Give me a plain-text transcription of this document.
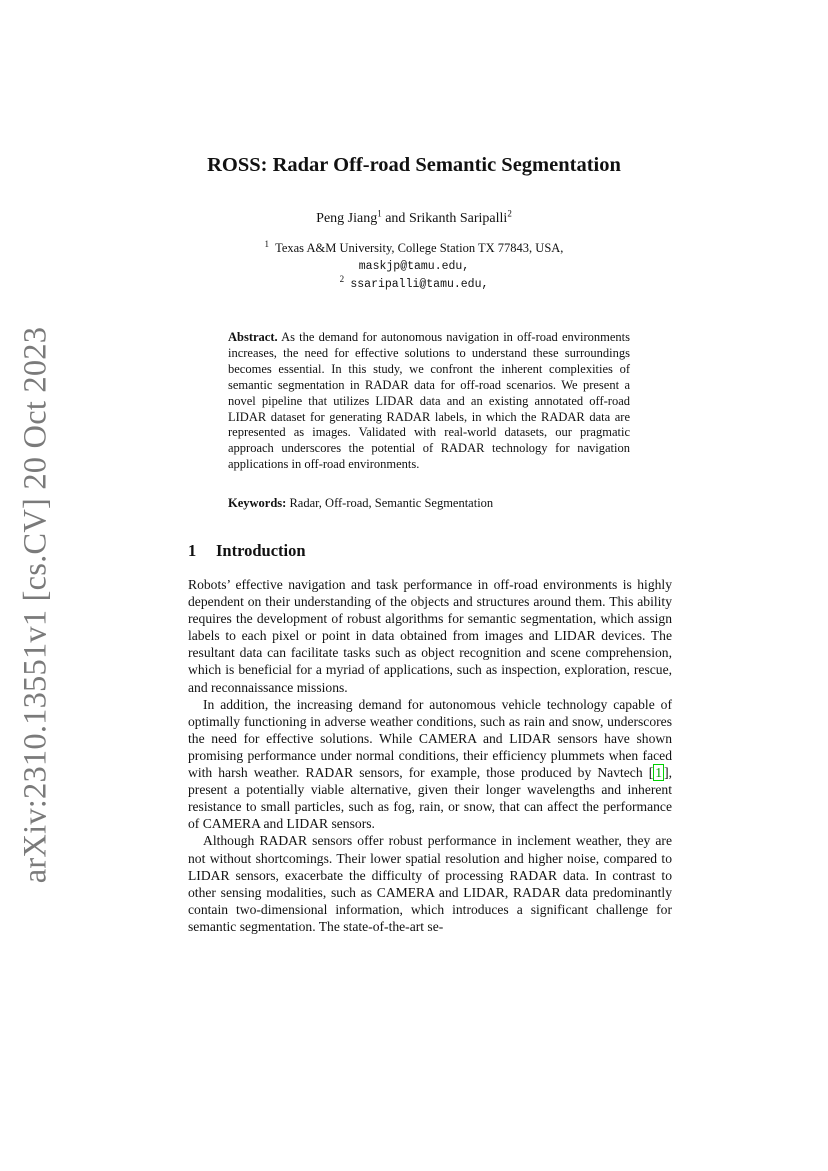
arXiv:2310.13551v1 [cs.CV] 20 Oct 2023
ROSS: Radar Off-road Semantic Segmentation
Peng Jiang$^1$ and Srikanth Saripalli$^2$
$^1$ Texas A&M University, College Station TX 77843, USA,
maskjp@tamu.edu,
$^2$ ssaripalli@tamu.edu,
Abstract. As the demand for autonomous navigation in off-road environments increases, the need for effective solutions to understand these surroundings becomes essential. In this study, we confront the inherent complexities of semantic segmentation in RADAR data for off-road scenarios. We present a novel pipeline that utilizes LIDAR data and an existing annotated off-road LIDAR dataset for generating RADAR labels, in which the RADAR data are represented as images. Validated with real-world datasets, our pragmatic approach underscores the potential of RADAR technology for navigation applications in off-road environments.
Keywords: Radar, Off-road, Semantic Segmentation
1 Introduction

Robots’ effective navigation and task performance in off-road environments is highly dependent on their understanding of the objects and structures around them. This ability requires the development of robust algorithms for semantic segmentation, which assign labels to each pixel or point in data obtained from images and LIDAR devices. The resultant data can facilitate tasks such as object recognition and scene comprehension, which is beneficial for a myriad of applications, such as inspection, exploration, rescue, and reconnaissance missions.

In addition, the increasing demand for autonomous vehicle technology capable of optimally functioning in adverse weather conditions, such as rain and snow, underscores the need for effective solutions. While CAMERA and LIDAR sensors have shown promising performance under normal conditions, their efficiency plummets when faced with harsh weather. RADAR sensors, for example, those produced by Navtech [ 1 ], present a potentially viable alternative, given their longer wavelengths and inherent resistance to small particles, such as fog, rain, or snow, that can affect the performance of CAMERA and LIDAR sensors.

Although RADAR sensors offer robust performance in inclement weather, they are not without shortcomings. Their lower spatial resolution and higher noise, compared to LIDAR sensors, exacerbate the difficulty of processing RADAR data. In contrast to other sensing modalities, such as CAMERA and LIDAR, RADAR data predominantly contain two-dimensional information, which introduces a significant challenge for semantic segmentation. The state-of-the-art se-
